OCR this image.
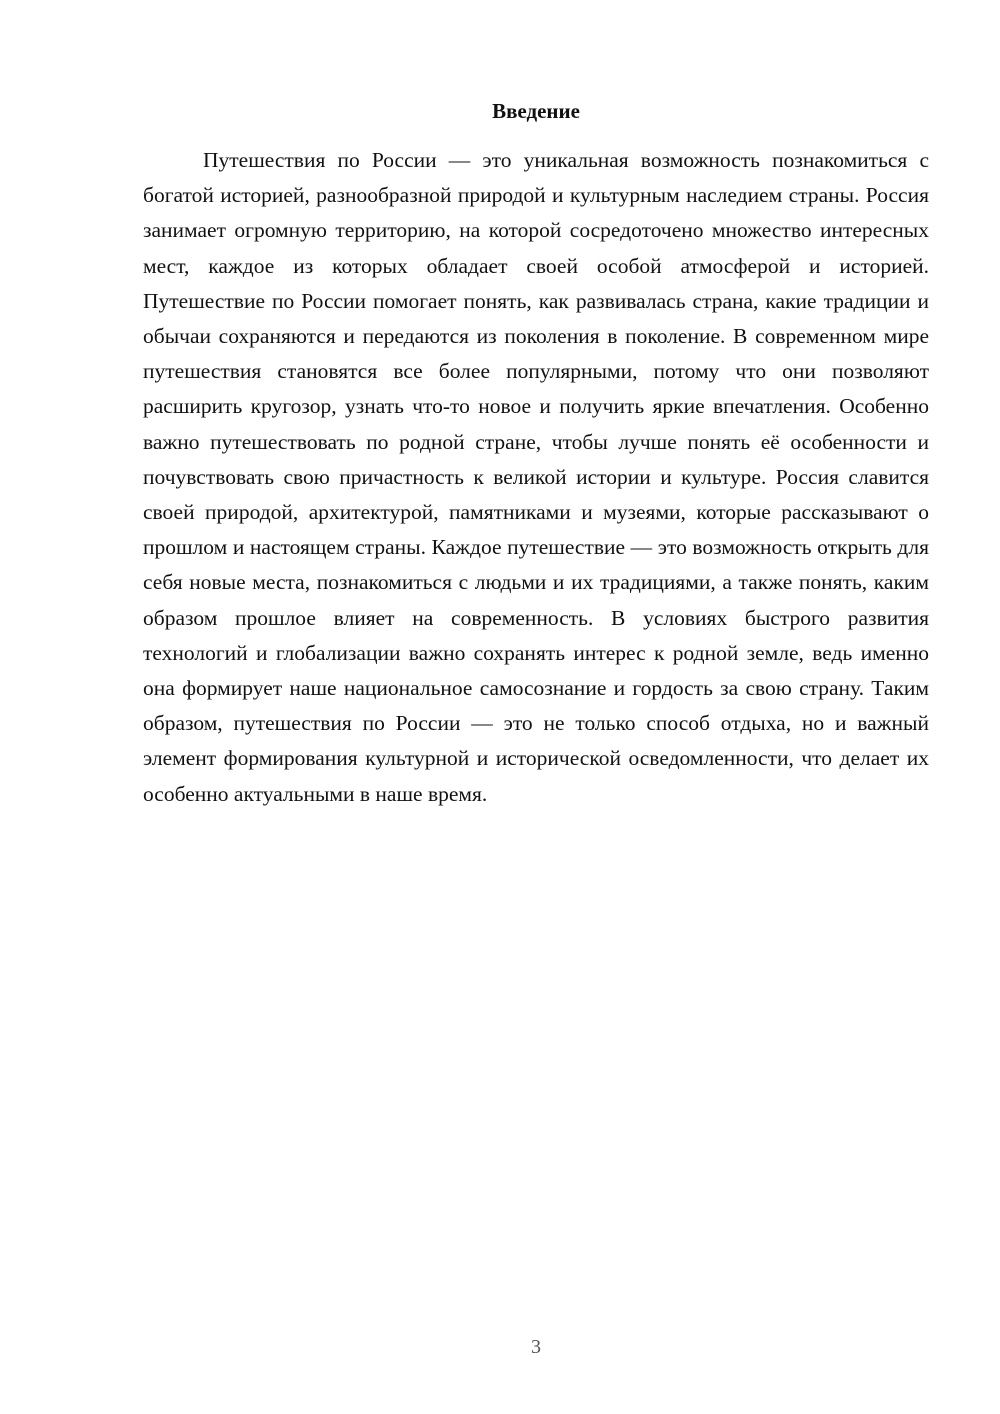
Введение

Путешествия по России — это уникальная возможность познакомиться с богатой историей, разнообразной природой и культурным наследием страны. Россия занимает огромную территорию, на которой сосредоточено множество интересных мест, каждое из которых обладает своей особой атмосферой и историей. Путешествие по России помогает понять, как развивалась страна, какие традиции и обычаи сохраняются и передаются из поколения в поколение. В современном мире путешествия становятся все более популярными, потому что они позволяют расширить кругозор, узнать что-то новое и получить яркие впечатления. Особенно важно путешествовать по родной стране, чтобы лучше понять её особенности и почувствовать свою причастность к великой истории и культуре. Россия славится своей природой, архитектурой, памятниками и музеями, которые рассказывают о прошлом и настоящем страны. Каждое путешествие — это возможность открыть для себя новые места, познакомиться с людьми и их традициями, а также понять, каким образом прошлое влияет на современность. В условиях быстрого развития технологий и глобализации важно сохранять интерес к родной земле, ведь именно она формирует наше национальное самосознание и гордость за свою страну. Таким образом, путешествия по России — это не только способ отдыха, но и важный элемент формирования культурной и исторической осведомленности, что делает их особенно актуальными в наше время.

3
